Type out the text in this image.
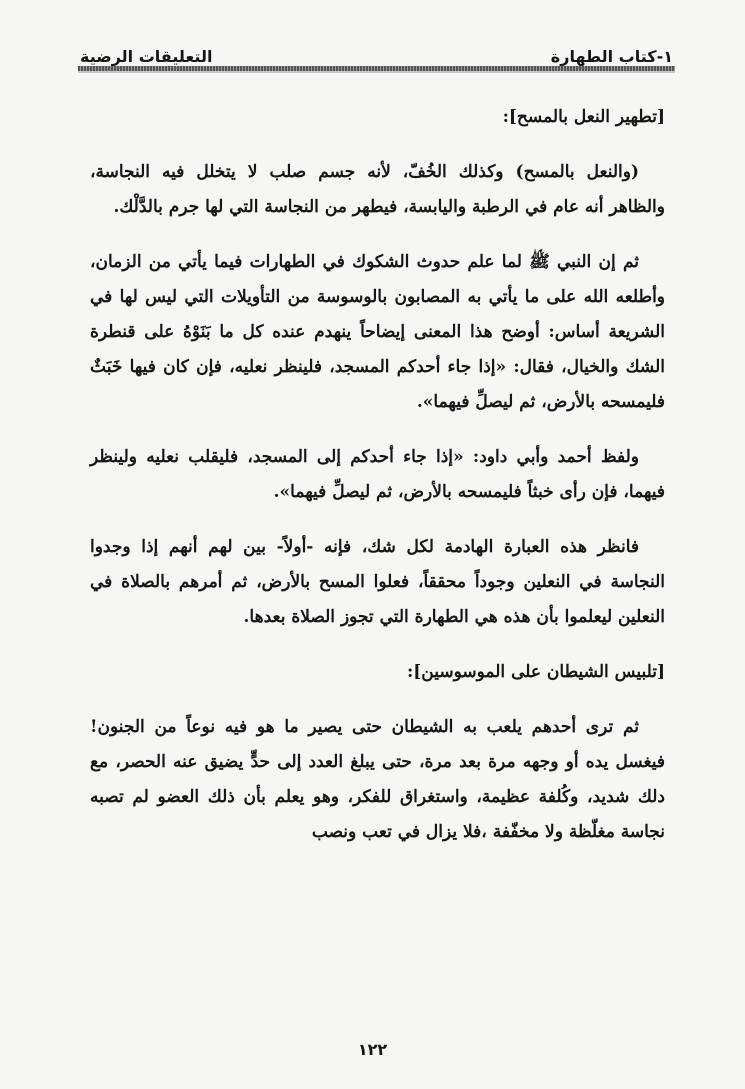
١-كتاب الطهارة
التعليقات الرضية

[تطهير النعل بالمسح]:

(والنعل بالمسح) وكذلك الخُفّ، لأنه جسم صلب لا يتخلل فيه النجاسة، والظاهر أنه عام في الرطبة واليابسة، فيطهر من النجاسة التي لها جرم بالدَّلْك.

ثم إن النبي ﷺ لما علم حدوث الشكوك في الطهارات فيما يأتي من الزمان، وأطلعه الله على ما يأتي به المصابون بالوسوسة من التأويلات التي ليس لها في الشريعة أساس: أوضح هذا المعنى إيضاحاً ينهدم عنده كل ما بَنَوْهُ على قنطرة الشك والخيال، فقال: «إذا جاء أحدكم المسجد، فلينظر نعليه، فإن كان فيها خَبَثٌ فليمسحه بالأرض، ثم ليصلِّ فيهما».

ولفظ أحمد وأبي داود: «إذا جاء أحدكم إلى المسجد، فليقلب نعليه ولينظر فيهما، فإن رأى خبثاً فليمسحه بالأرض، ثم ليصلِّ فيهما».

فانظر هذه العبارة الهادمة لكل شك، فإنه -أولاً- بين لهم أنهم إذا وجدوا النجاسة في النعلين وجوداً محققاً، فعلوا المسح بالأرض، ثم أمرهم بالصلاة في النعلين ليعلموا بأن هذه هي الطهارة التي تجوز الصلاة بعدها.

[تلبيس الشيطان على الموسوسين]:

ثم ترى أحدهم يلعب به الشيطان حتى يصير ما هو فيه نوعاً من الجنون! فيغسل يده أو وجهه مرة بعد مرة، حتى يبلغ العدد إلى حدٍّ يضيق عنه الحصر، مع دلك شديد، وكُلفة عظيمة، واستغراق للفكر، وهو يعلم بأن ذلك العضو لم تصبه نجاسة مغلّظة ولا مخفّفة ،فلا يزال في تعب ونصب

١٢٢
